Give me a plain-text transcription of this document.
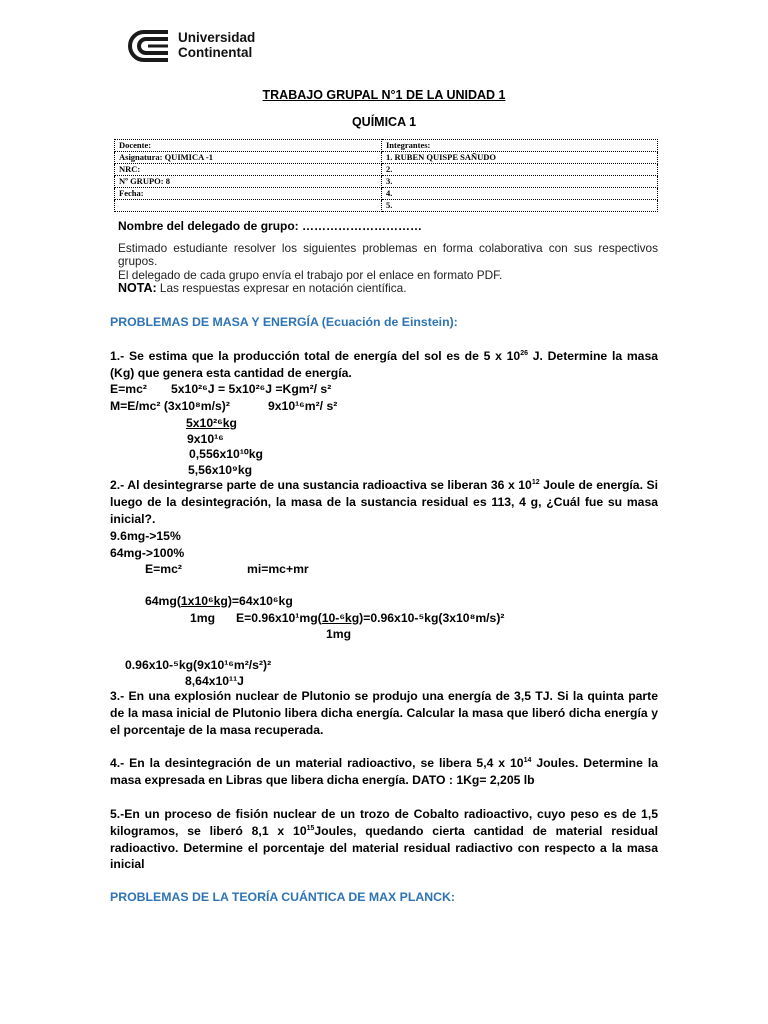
Universidad
Continental
TRABAJO GRUPAL N°1 DE LA UNIDAD 1
QUÍMICA 1
Docente:	Integrantes:
Asignatura: QUIMICA -1	1. RUBEN QUISPE SAÑUDO
NRC:	2.
Nº GRUPO: 8	3.
Fecha:	4.
	5.
Nombre del delegado de grupo: …………………………

Estimado estudiante resolver los siguientes problemas en forma colaborativa con sus respectivos grupos.

El delegado de cada grupo envía el trabajo por el enlace en formato PDF.

NOTA: Las respuestas expresar en notación científica.

PROBLEMAS DE MASA Y ENERGÍA (Ecuación de Einstein):
1.- Se estima que la producción total de energía del sol es de 5 x $10^{26}$ J. Determine la masa (Kg) que genera esta cantidad de energía.
E=mc² 5x10²⁶J = 5x10²⁶J =Kgm²/ s²
M=E/mc² (3x10⁸m/s)²	9x10¹⁶m²/ s²
5x10²⁶kg
9x10¹⁶
0,556x10¹⁰kg
5,56x10⁹kg
2.- Al desintegrarse parte de una sustancia radioactiva se liberan 36 x $10^{12}$ Joule de energía. Si luego de la desintegración, la masa de la sustancia residual es 113, 4 g, ¿Cuál fue su masa inicial?.
9.6mg->15%
64mg->100%
E=mc²	mi=mc+mr
64mg(1x10⁶kg)=64x10⁶kg
1mg E=0.96x10¹mg(10-⁶kg)=0.96x10-⁵kg(3x10⁸m/s)²
1mg
0.96x10-⁵kg(9x10¹⁶m²/s²)²
8,64x10¹¹J
3.- En una explosión nuclear de Plutonio se produjo una energía de 3,5 TJ. Si la quinta parte de la masa inicial de Plutonio libera dicha energía. Calcular la masa que liberó dicha energía y el porcentaje de la masa recuperada.
4.- En la desintegración de un material radioactivo, se libera 5,4 x $10^{14}$ Joules. Determine la masa expresada en Libras que libera dicha energía. DATO : 1Kg= 2,205 lb
5.-En un proceso de fisión nuclear de un trozo de Cobalto radioactivo, cuyo peso es de 1,5 kilogramos, se liberó 8,1 x $10^{15}Joules$, quedando cierta cantidad de material residual radioactivo. Determine el porcentaje del material residual radiactivo con respecto a la masa inicial
PROBLEMAS DE LA TEORÍA CUÁNTICA DE MAX PLANCK:
